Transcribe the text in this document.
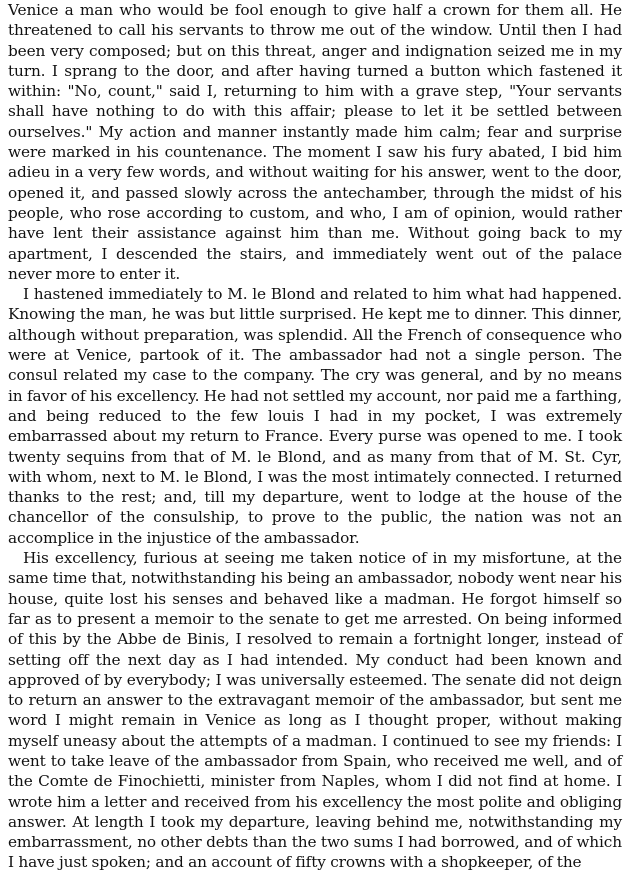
Venice a man who would be fool enough to give half a crown for them all. He threatened to call his servants to throw me out of the window. Until then I had been very composed; but on this threat, anger and indignation seized me in my turn. I sprang to the door, and after having turned a button which fastened it within: "No, count," said I, returning to him with a grave step, "Your servants shall have nothing to do with this affair; please to let it be settled between ourselves." My action and manner instantly made him calm; fear and surprise were marked in his countenance. The moment I saw his fury abated, I bid him adieu in a very few words, and without waiting for his answer, went to the door, opened it, and passed slowly across the antechamber, through the midst of his people, who rose according to custom, and who, I am of opinion, would rather have lent their assistance against him than me. Without going back to my apartment, I descended the stairs, and immediately went out of the palace never more to enter it.

I hastened immediately to M. le Blond and related to him what had happened. Knowing the man, he was but little surprised. He kept me to dinner. This dinner, although without preparation, was splendid. All the French of consequence who were at Venice, partook of it. The ambassador had not a single person. The consul related my case to the company. The cry was general, and by no means in favor of his excellency. He had not settled my account, nor paid me a farthing, and being reduced to the few louis I had in my pocket, I was extremely embarrassed about my return to France. Every purse was opened to me. I took twenty sequins from that of M. le Blond, and as many from that of M. St. Cyr, with whom, next to M. le Blond, I was the most intimately connected. I returned thanks to the rest; and, till my departure, went to lodge at the house of the chancellor of the consulship, to prove to the public, the nation was not an accomplice in the injustice of the ambassador.

His excellency, furious at seeing me taken notice of in my misfortune, at the same time that, notwithstanding his being an ambassador, nobody went near his house, quite lost his senses and behaved like a madman. He forgot himself so far as to present a memoir to the senate to get me arrested. On being informed of this by the Abbe de Binis, I resolved to remain a fortnight longer, instead of setting off the next day as I had intended. My conduct had been known and approved of by everybody; I was universally esteemed. The senate did not deign to return an answer to the extravagant memoir of the ambassador, but sent me word I might remain in Venice as long as I thought proper, without making myself uneasy about the attempts of a madman. I continued to see my friends: I went to take leave of the ambassador from Spain, who received me well, and of the Comte de Finochietti, minister from Naples, whom I did not find at home. I wrote him a letter and received from his excellency the most polite and obliging answer. At length I took my departure, leaving behind me, notwithstanding my embarrassment, no other debts than the two sums I had borrowed, and of which I have just spoken; and an account of fifty crowns with a shopkeeper, of the
